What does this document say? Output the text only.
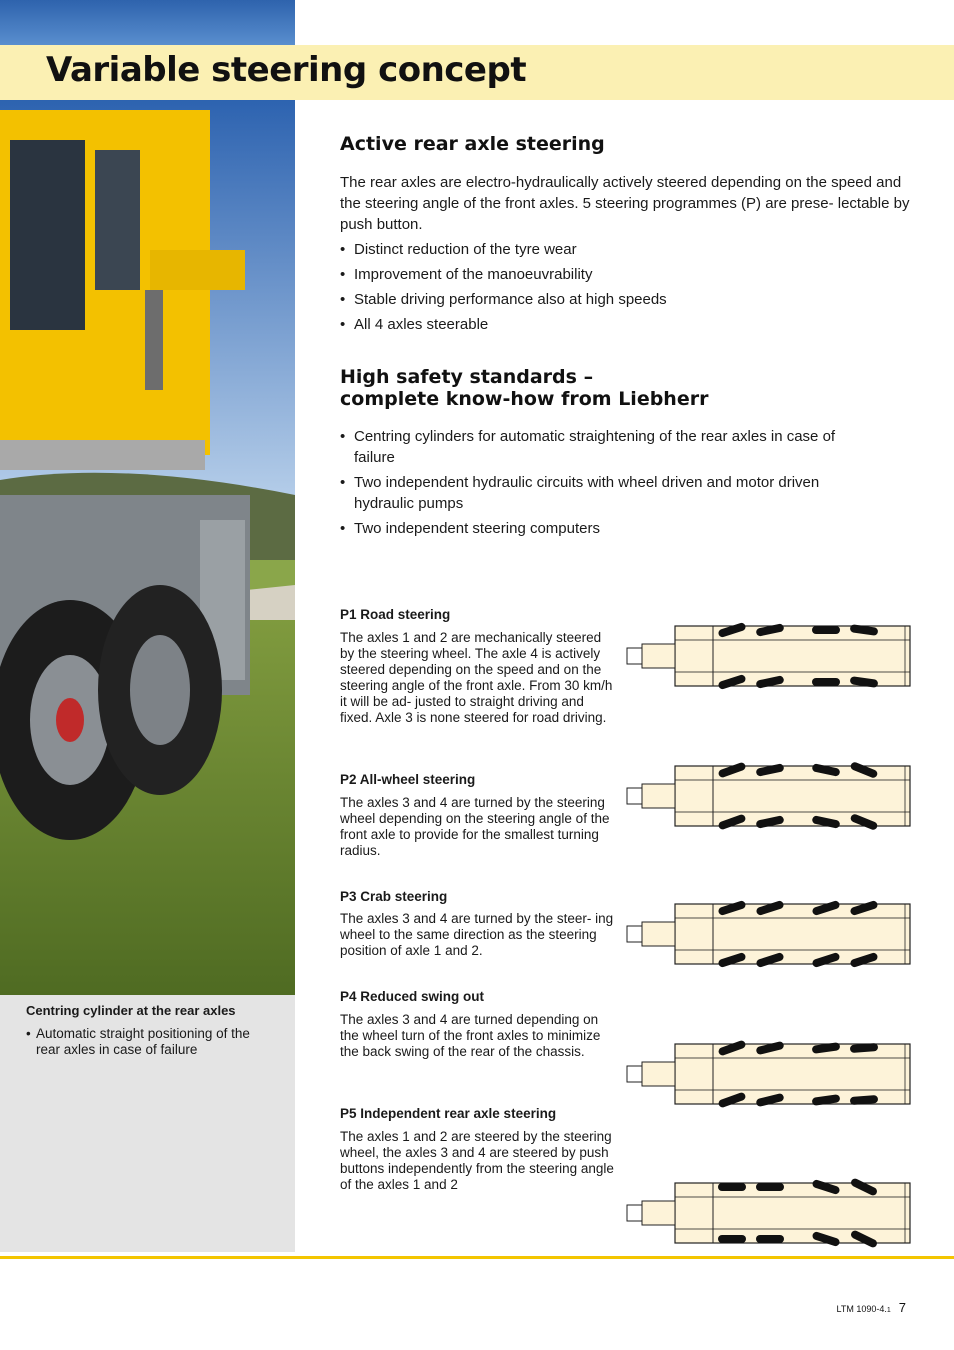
Variable steering concept

Centring cylinder at the rear axles

• Automatic straight positioning of the rear axles in case of failure
Active rear axle steering

The rear axles are electro-hydraulically actively steered depending on the speed and the steering angle of the front axles. 5 steering programmes (P) are prese- lectable by push button.

• Distinct reduction of the tyre wear
• Improvement of the manoeuvrability
• Stable driving performance also at high speeds
• All 4 axles steerable
High safety standards –
complete know-how from Liebherr
• Centring cylinders for automatic straightening of the rear axles in case of failure
• Two independent hydraulic circuits with wheel driven and motor driven hydraulic pumps
• Two independent steering computers

P1 Road steering

The axles 1 and 2 are mechanically steered by the steering wheel. The axle 4 is actively steered depending on the speed and on the steering angle of the front axle. From 30 km/h it will be ad- justed to straight driving and fixed. Axle 3 is none steered for road driving.

P2 All-wheel steering

The axles 3 and 4 are turned by the steering wheel depending on the steering angle of the front axle to provide for the smallest turning radius.

P3 Crab steering

The axles 3 and 4 are turned by the steer- ing wheel to the same direction as the steering position of axle 1 and 2.

P4 Reduced swing out

The axles 3 and 4 are turned depending on the wheel turn of the front axles to minimize the back swing of the rear of the chassis.

P5 Independent rear axle steering

The axles 1 and 2 are steered by the steering wheel, the axles 3 and 4 are steered by push buttons independently from the steering angle of the axles 1 and 2

LTM 1090-4.1 7
